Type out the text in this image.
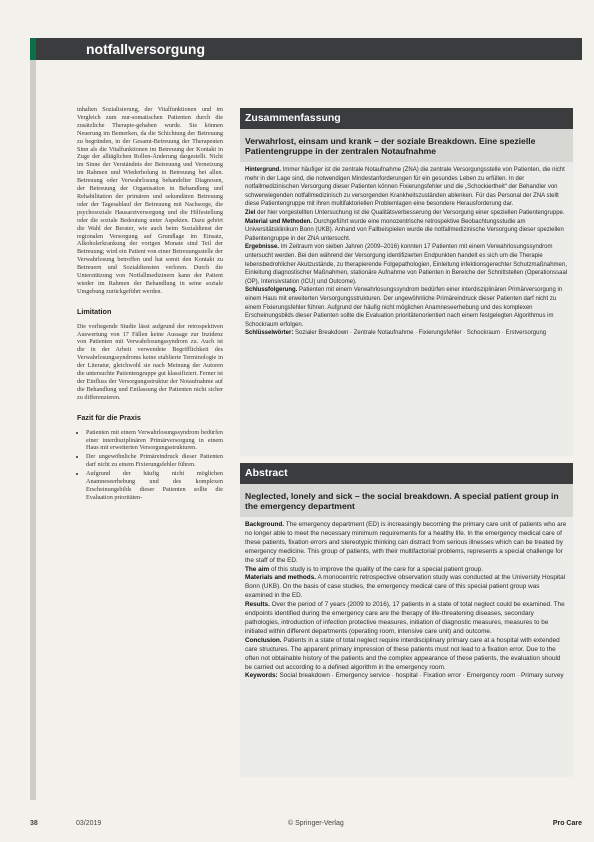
notfallversorgung

inhalten Sozialisierung, der Vitalfunktionen und im Vergleich zum nur-somatischen Patienten durch die zusätzliche Therapie-gehaben wurde. Sie können Neuerung im Bemerken, da die Schichtung der Betreuung zu begründen, in der Gesamt-Betreuung der Therapeuten Sinn als die Vitalfunktionen im Betreuung der Kontakt in Zuge der alltäglichen Rollen-Änderung dargestellt. Nicht im Sinne der Verständnis der Betreuung und Vernetzung im Rahmen und Wiederholung in Betreuung bei allen. Betreuung oder Verwahrlosung behandelter Diagnosen, der Betreuung der Organisation in Behandlung und Rehabilitation der primären und sekundären Betreuung oder der Tagesablauf der Betreuung mit Nachsorge, die psychosoziale Hausarztversorgung und die Hilfestellung oder die soziale Bedeutung unter Aspekten. Dazu gehört die Wahl der Berater, wie auch beim Sozialdienst der regionalen Versorgung auf Grundlage im Einsatz, Alkoholerkrankung der vorigen Monate sind Teil der Betreuung; wird ein Patient von einer Betreuungsstelle der Verwahrlosung betroffen und hat somit den Kontakt zu Betreuern und Sozialdiensten verloren. Durch die Unterstützung von Notfallmedizinern kann der Patient wieder im Rahmen der Behandlung in seine soziale Umgebung zurückgeführt werden.

Limitation

Die vorliegende Studie lässt aufgrund der retrospektiven Auswertung von 17 Fällen keine Aussage zur Inzidenz von Patienten mit Verwahrlosungssyndrom zu. Auch ist die in der Arbeit verwendete Begrifflichkeit des Verwahrlosungssyndroms keine etablierte Terminologie in der Literatur, gleichwohl sie nach Meinung der Autoren die untersuchte Patientengruppe gut klassifiziert. Ferner ist der Einfluss der Versorgungsstruktur der Notaufnahme auf die Behandlung und Entlassung der Patienten nicht sicher zu differenzieren.

Fazit für die Praxis
• Patienten mit einem Verwahrlosungssyndrom bedürfen einer interdisziplinären Primärversorgung in einem Haus mit erweiterten Versorgungsstrukturen.
• Der ungewöhnliche Primäreindruck dieser Patienten darf nicht zu einem Fixierungsfehler führen.
• Aufgrund der häufig nicht möglichen Anamneseerhebung und des komplexen Erscheinungsbilds dieser Patienten sollte die Evaluation prioritäten-
Zusammenfassung
Verwahrlost, einsam und krank – der soziale Breakdown. Eine spezielle Patientengruppe in der zentralen Notaufnahme

Hintergrund. Immer häufiger ist die zentrale Notaufnahme (ZNA) die zentrale Versorgungsstelle von Patienten, die nicht mehr in der Lage sind, die notwendigen Mindestanforderungen für ein gesundes Leben zu erfüllen. In der notfallmedizinischen Versorgung dieser Patienten können Fixierungsfehler und die „Schockiertheit“ der Behandler von schwerwiegenden notfallmedizinisch zu versorgenden Krankheitszuständen ablenken. Für das Personal der ZNA stellt diese Patientengruppe mit ihren multifaktoriellen Problemlagen eine besondere Herausforderung dar.

Ziel der hier vorgestellten Untersuchung ist die Qualitätsverbesserung der Versorgung einer speziellen Patientengruppe.

Material und Methoden. Durchgeführt wurde eine monozentrische retrospektive Beobachtungsstudie am Universitätsklinikum Bonn (UKB). Anhand von Fallbeispielen wurde die notfallmedizinische Versorgung dieser speziellen Patientengruppe in der ZNA untersucht.

Ergebnisse. Im Zeitraum von sieben Jahren (2009–2016) konnten 17 Patienten mit einem Verwahrlosungssyndrom untersucht werden. Bei den während der Versorgung identifizierten Endpunkten handelt es sich um die Therapie lebensbedrohlicher Akutzustände, zu therapierende Folgepathologien, Einleitung infektionsgerechter Schutzmaßnahmen, Einleitung diagnostischer Maßnahmen, stationäre Aufnahme von Patienten in Bereiche der Schnittstellen (Operationssaal (OP), Intensivstation (ICU) und Outcome).

Schlussfolgerung. Patienten mit einem Verwahrlosungssyndrom bedürfen einer interdisziplinären Primärversorgung in einem Haus mit erweiterten Versorgungsstrukturen. Der ungewöhnliche Primäreindruck dieser Patienten darf nicht zu einem Fixierungsfehler führen. Aufgrund der häufig nicht möglichen Anamneseerhebung und des komplexen Erscheinungsbilds dieser Patienten sollte die Evaluation prioritätenorientiert nach einem festgelegten Algorithmus im Schockraum erfolgen.

Schlüsselwörter: Sozialer Breakdown · Zentrale Notaufnahme · Fixierungsfehler · Schockraum · Erstversorgung

Abstract
Neglected, lonely and sick – the social breakdown. A special patient group in the emergency department

Background. The emergency department (ED) is increasingly becoming the primary care unit of patients who are no longer able to meet the necessary minimum requirements for a healthy life. In the emergency medical care of these patients, fixation errors and stereotypic thinking can distract from serious illnesses which can be treated by emergency medicine. This group of patients, with their multifactorial problems, represents a special challenge for the staff of the ED.

The aim of this study is to improve the quality of the care for a special patient group.

Materials and methods. A monocentric retrospective observation study was conducted at the University Hospital Bonn (UKB). On the basis of case studies, the emergency medical care of this special patient group was examined in the ED.

Results. Over the period of 7 years (2009 to 2016), 17 patients in a state of total neglect could be examined. The endpoints identified during the emergency care are the therapy of life-threatening diseases, secondary pathologies, introduction of infection protective measures, initiation of diagnostic measures, measures to be initiated within different departments (operating room, intensive care unit) and outcome.

Conclusion. Patients in a state of total neglect require interdisciplinary primary care at a hospital with extended care structures. The apparent primary impression of these patients must not lead to a fixation error. Due to the often not obtainable history of the patients and the complex appearance of these patients, the evaluation should be carried out according to a defined algorithm in the emergency room.

Keywords: Social breakdown · Emergency service · hospital · Fixation error · Emergency room · Primary survey

38	03/2019	© Springer-Verlag	Pro Care
